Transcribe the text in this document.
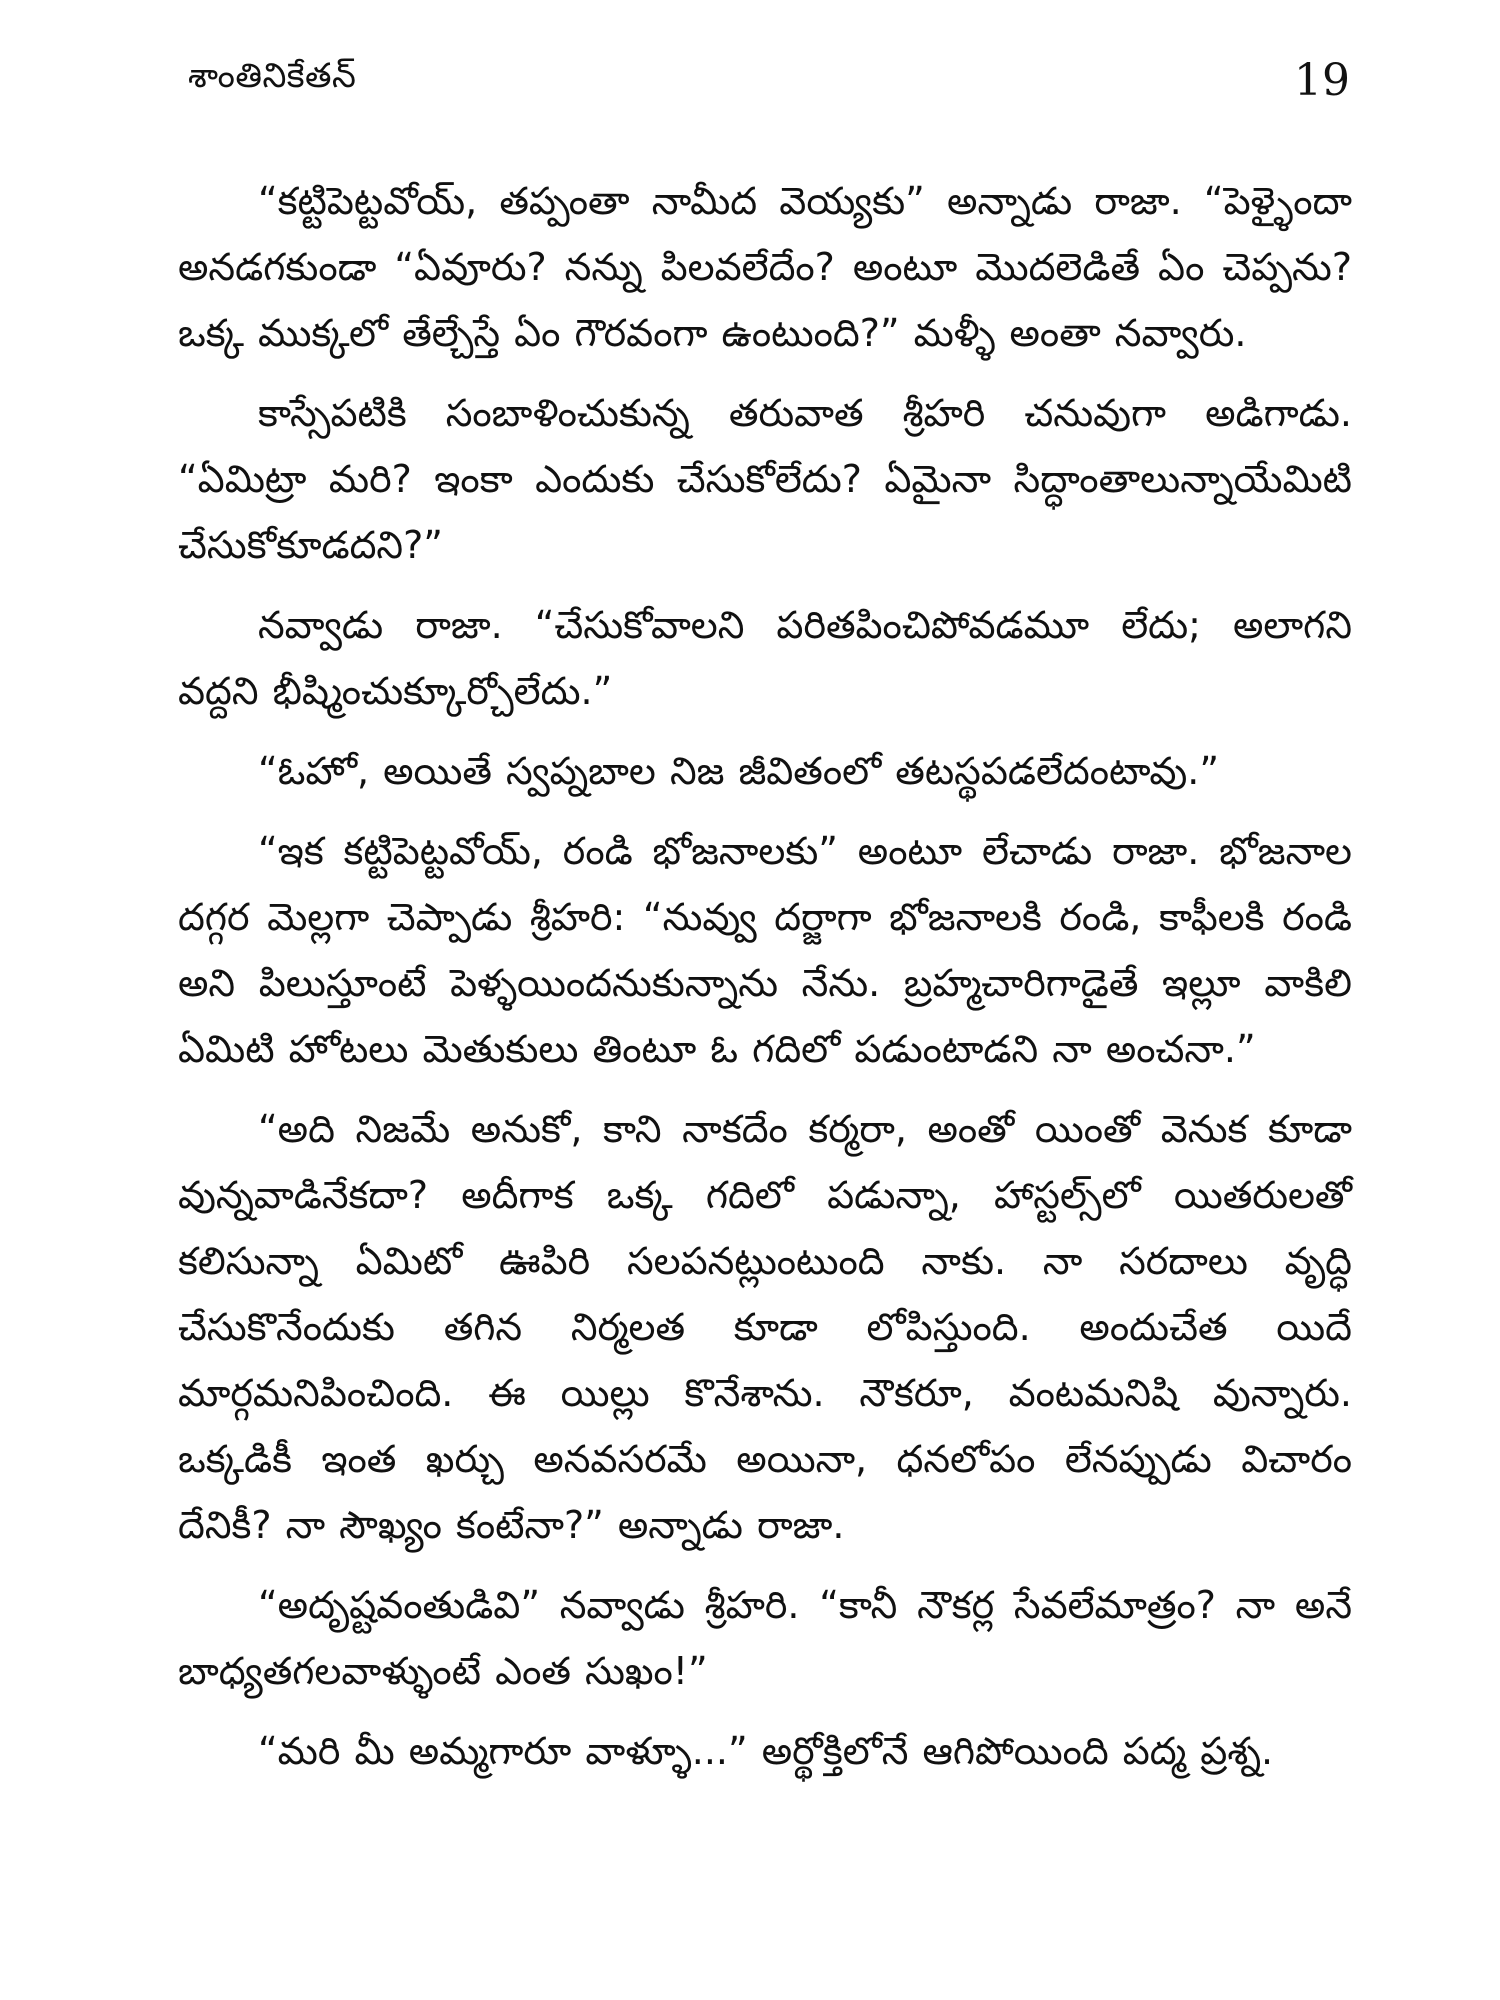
శాంతినికేతన్	19

“కట్టిపెట్టవోయ్, తప్పంతా నామీద వెయ్యకు” అన్నాడు రాజా. “పెళ్ళైందా అనడగకుండా “ఏవూరు? నన్ను పిలవలేదేం? అంటూ మొదలెడితే ఏం చెప్పను? ఒక్క ముక్కలో తేల్చేస్తే ఏం గౌరవంగా ఉంటుంది?” మళ్ళీ అంతా నవ్వారు.

కాస్సేపటికి సంబాళించుకున్న తరువాత శ్రీహరి చనువుగా అడిగాడు. “ఏమిట్రా మరి? ఇంకా ఎందుకు చేసుకోలేదు? ఏమైనా సిద్ధాంతాలున్నాయేమిటి చేసుకోకూడదని?”

నవ్వాడు రాజా. “చేసుకోవాలని పరితపించిపోవడమూ లేదు; అలాగని వద్దని భీష్మించుక్కూర్చోలేదు.”

“ఓహో, అయితే స్వప్నబాల నిజ జీవితంలో తటస్థపడలేదంటావు.”

“ఇక కట్టిపెట్టవోయ్, రండి భోజనాలకు” అంటూ లేచాడు రాజా. భోజనాల దగ్గర మెల్లగా చెప్పాడు శ్రీహరి: “నువ్వు దర్జాగా భోజనాలకి రండి, కాఫీలకి రండి అని పిలుస్తూంటే పెళ్ళయిందనుకున్నాను నేను. బ్రహ్మచారిగాడైతే ఇల్లూ వాకిలి ఏమిటి హోటలు మెతుకులు తింటూ ఓ గదిలో పడుంటాడని నా అంచనా.”

“అది నిజమే అనుకో, కాని నాకదేం కర్మరా, అంతో యింతో వెనుక కూడా వున్నవాడినేకదా? అదీగాక ఒక్క గదిలో పడున్నా, హాస్టల్స్‌లో యితరులతో కలిసున్నా ఏమిటో ఊపిరి సలపనట్లుంటుంది నాకు. నా సరదాలు వృద్ధి చేసుకొనేందుకు తగిన నిర్మలత కూడా లోపిస్తుంది. అందుచేత యిదే మార్గమనిపించింది. ఈ యిల్లు కొనేశాను. నౌకరూ, వంటమనిషి వున్నారు. ఒక్కడికీ ఇంత ఖర్చు అనవసరమే అయినా, ధనలోపం లేనప్పుడు విచారం దేనికీ? నా సౌఖ్యం కంటేనా?” అన్నాడు రాజా.

“అదృష్టవంతుడివి” నవ్వాడు శ్రీహరి. “కానీ నౌకర్ల సేవలేమాత్రం? నా అనే బాధ్యతగలవాళ్ళుంటే ఎంత సుఖం!”

“మరి మీ అమ్మగారూ వాళ్ళూ...” అర్థోక్తిలోనే ఆగిపోయింది పద్మ ప్రశ్న.
